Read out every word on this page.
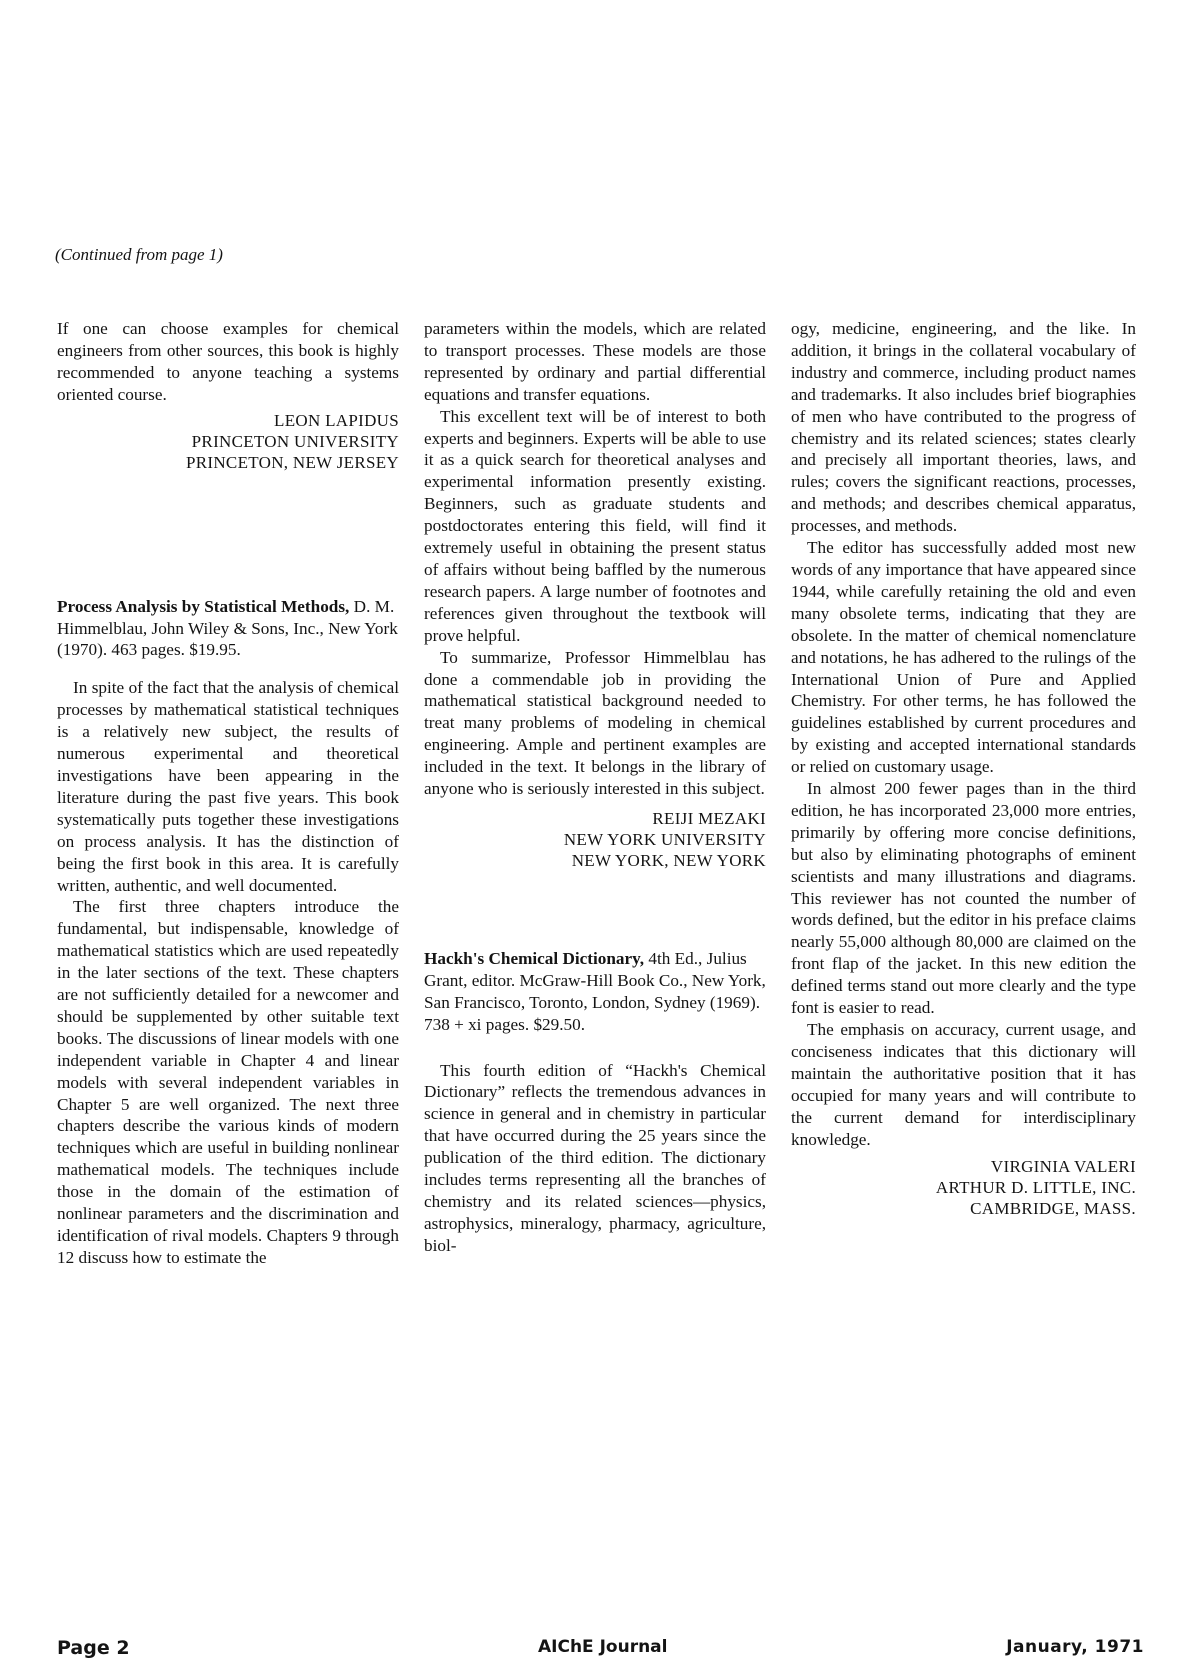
(Continued from page 1)

If one can choose examples for chemical engineers from other sources, this book is highly recommended to anyone teaching a systems oriented course.

LEON LAPIDUS
PRINCETON UNIVERSITY
PRINCETON, NEW JERSEY
Process Analysis by Statistical Methods, D. M. Himmelblau, John Wiley & Sons, Inc., New York (1970). 463 pages. $19.95.

In spite of the fact that the analysis of chemical processes by mathematical statistical techniques is a relatively new subject, the results of numerous experimental and theoretical investigations have been appearing in the literature during the past five years. This book systematically puts together these investigations on process analysis. It has the distinction of being the first book in this area. It is carefully written, authentic, and well documented.

The first three chapters introduce the fundamental, but indispensable, knowledge of mathematical statistics which are used repeatedly in the later sections of the text. These chapters are not sufficiently detailed for a newcomer and should be supplemented by other suitable text books. The discussions of linear models with one independent variable in Chapter 4 and linear models with several independent variables in Chapter 5 are well organized. The next three chapters describe the various kinds of modern techniques which are useful in building nonlinear mathematical models. The techniques include those in the domain of the estimation of nonlinear parameters and the discrimination and identification of rival models. Chapters 9 through 12 discuss how to estimate the

parameters within the models, which are related to transport processes. These models are those represented by ordinary and partial differential equations and transfer equations.

This excellent text will be of interest to both experts and beginners. Experts will be able to use it as a quick search for theoretical analyses and experimental information presently existing. Beginners, such as graduate students and postdoctorates entering this field, will find it extremely useful in obtaining the present status of affairs without being baffled by the numerous research papers. A large number of footnotes and references given throughout the textbook will prove helpful.

To summarize, Professor Himmelblau has done a commendable job in providing the mathematical statistical background needed to treat many problems of modeling in chemical engineering. Ample and pertinent examples are included in the text. It belongs in the library of anyone who is seriously interested in this subject.

REIJI MEZAKI
NEW YORK UNIVERSITY
NEW YORK, NEW YORK
Hackh's Chemical Dictionary, 4th Ed., Julius Grant, editor. McGraw-Hill Book Co., New York, San Francisco, Toronto, London, Sydney (1969). 738 + xi pages. $29.50.

This fourth edition of “Hackh's Chemical Dictionary” reflects the tremendous advances in science in general and in chemistry in particular that have occurred during the 25 years since the publication of the third edition. The dictionary includes terms representing all the branches of chemistry and its related sciences—physics, astrophysics, mineralogy, pharmacy, agriculture, biol-

ogy, medicine, engineering, and the like. In addition, it brings in the collateral vocabulary of industry and commerce, including product names and trademarks. It also includes brief biographies of men who have contributed to the progress of chemistry and its related sciences; states clearly and precisely all important theories, laws, and rules; covers the significant reactions, processes, and methods; and describes chemical apparatus, processes, and methods.

The editor has successfully added most new words of any importance that have appeared since 1944, while carefully retaining the old and even many obsolete terms, indicating that they are obsolete. In the matter of chemical nomenclature and notations, he has adhered to the rulings of the International Union of Pure and Applied Chemistry. For other terms, he has followed the guidelines established by current procedures and by existing and accepted international standards or relied on customary usage.

In almost 200 fewer pages than in the third edition, he has incorporated 23,000 more entries, primarily by offering more concise definitions, but also by eliminating photographs of eminent scientists and many illustrations and diagrams. This reviewer has not counted the number of words defined, but the editor in his preface claims nearly 55,000 although 80,000 are claimed on the front flap of the jacket. In this new edition the defined terms stand out more clearly and the type font is easier to read.

The emphasis on accuracy, current usage, and conciseness indicates that this dictionary will maintain the authoritative position that it has occupied for many years and will contribute to the current demand for interdisciplinary knowledge.

VIRGINIA VALERI
ARTHUR D. LITTLE, INC.
CAMBRIDGE, MASS.
Page 2	AIChE Journal	January, 1971
